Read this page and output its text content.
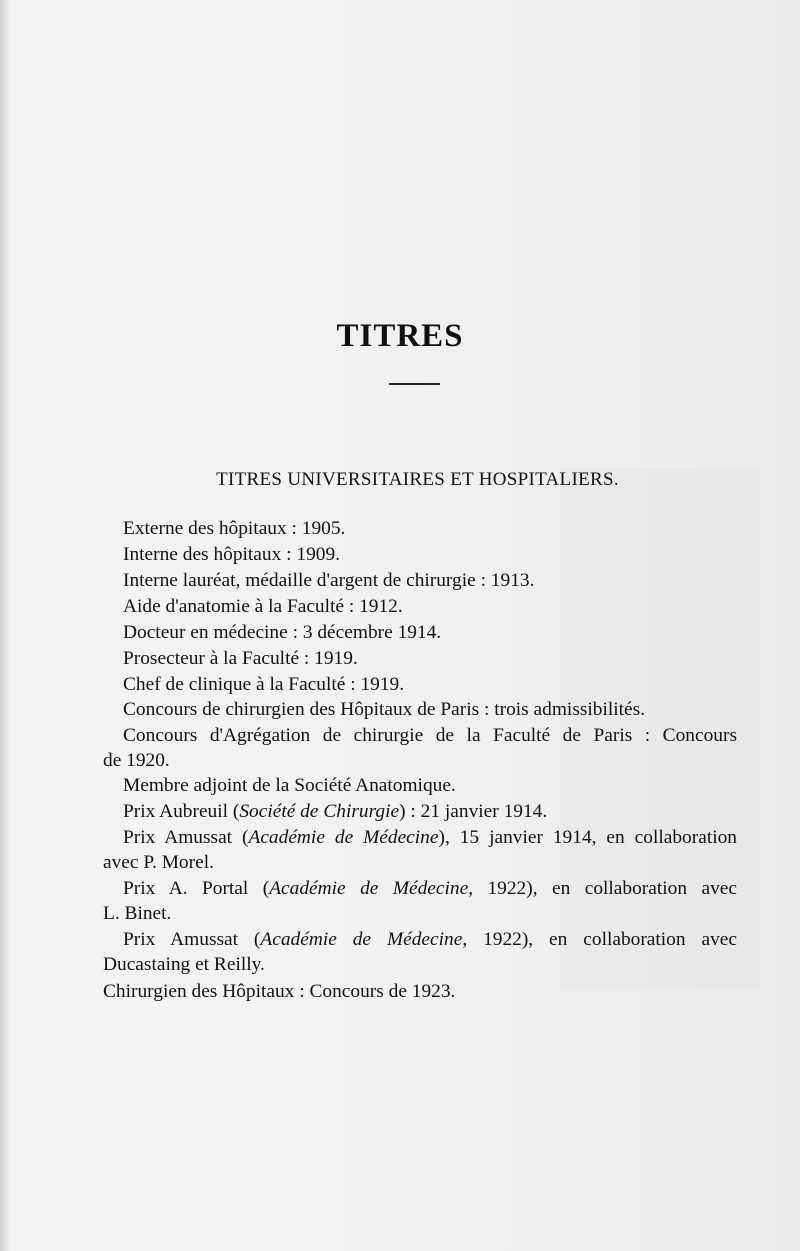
TITRES
TITRES UNIVERSITAIRES ET HOSPITALIERS.
Externe des hôpitaux : 1905.
Interne des hôpitaux : 1909.
Interne lauréat, médaille d'argent de chirurgie : 1913.
Aide d'anatomie à la Faculté : 1912.
Docteur en médecine : 3 décembre 1914.
Prosecteur à la Faculté : 1919.
Chef de clinique à la Faculté : 1919.
Concours de chirurgien des Hôpitaux de Paris : trois admissibilités.
Concours d'Agrégation de chirurgie de la Faculté de Paris : Concours
de 1920.
Membre adjoint de la Société Anatomique.
Prix Aubreuil (Société de Chirurgie) : 21 janvier 1914.
Prix Amussat (Académie de Médecine), 15 janvier 1914, en collaboration
avec P. Morel.
Prix A. Portal (Académie de Médecine, 1922), en collaboration avec
L. Binet.
Prix Amussat (Académie de Médecine, 1922), en collaboration avec
Ducastaing et Reilly.
Chirurgien des Hôpitaux : Concours de 1923.
